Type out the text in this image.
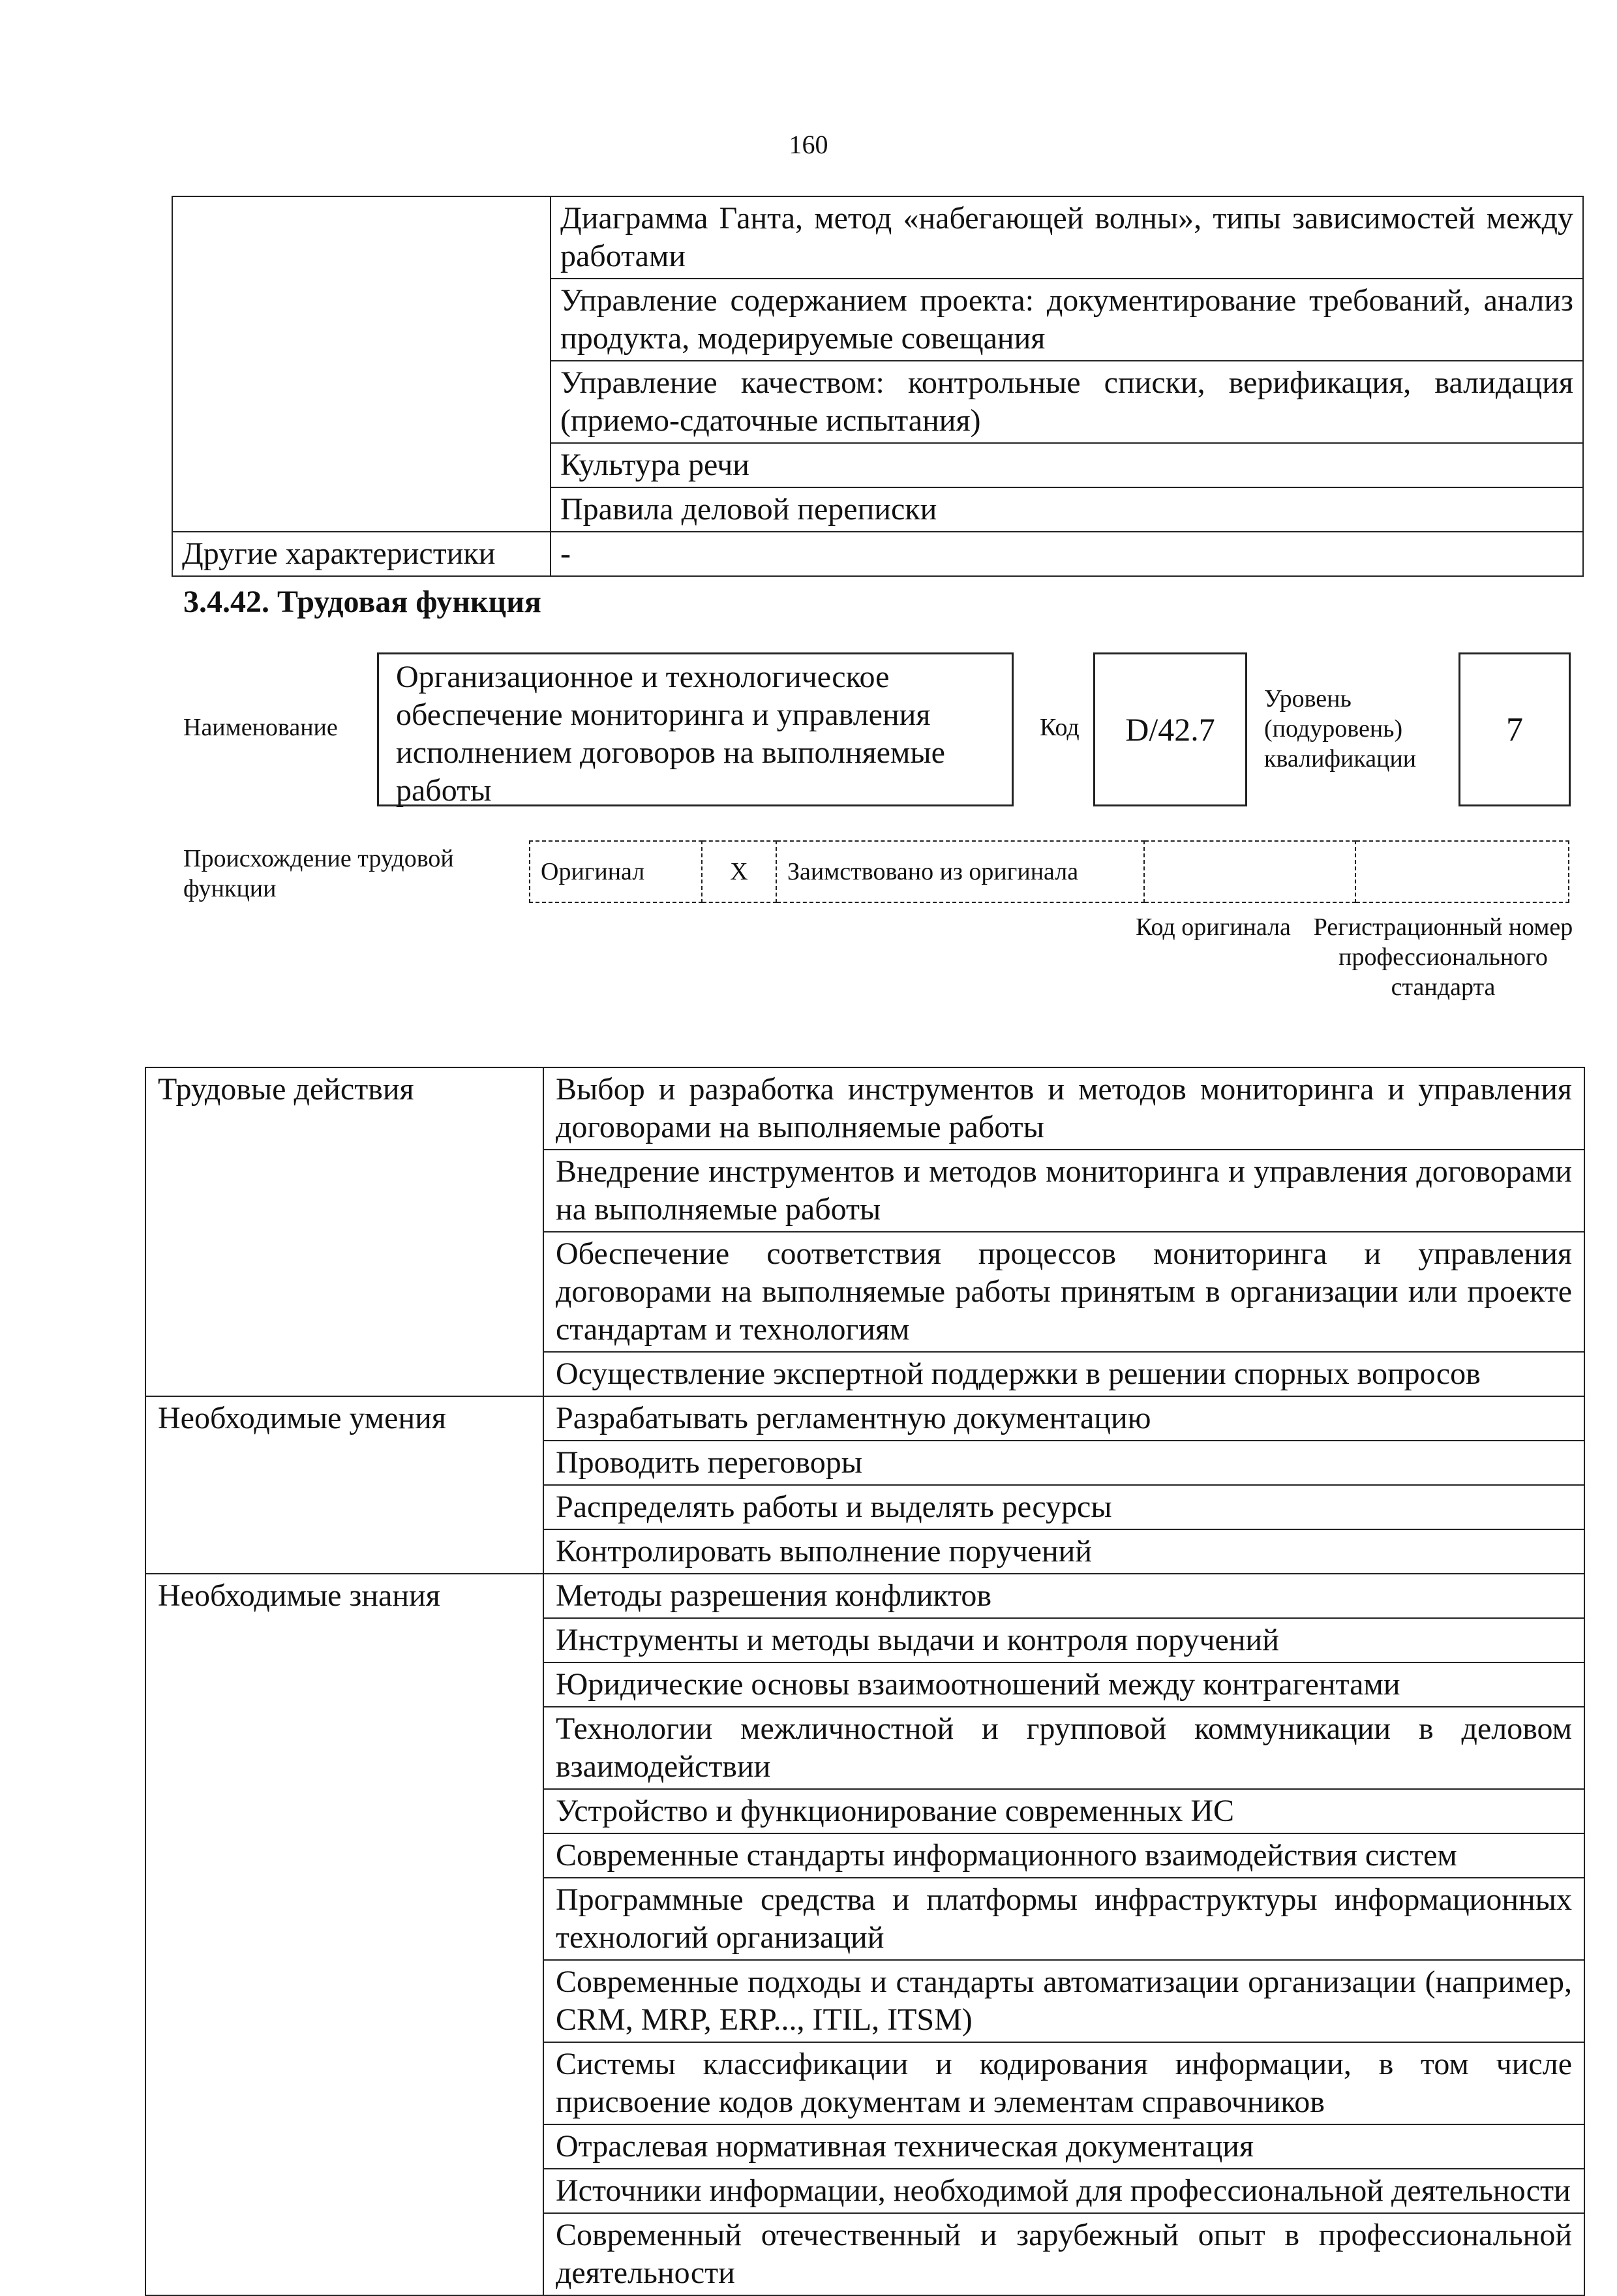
160
	Диаграмма Ганта, метод «набегающей волны», типы зависимостей между работами
	Управление содержанием проекта: документирование требований, анализ продукта, модерируемые совещания
	Управление качеством: контрольные списки, верификация, валидация (приемо-сдаточные испытания)
	Культура речи
	Правила деловой переписки
Другие характеристики	-
3.4.42. Трудовая функция
Наименование
Организационное и технологическое обеспечение мониторинга и управления исполнением договоров на выполняемые работы
Код	D/42.7
Уровень (подуровень) квалификации
7
Происхождение трудовой функции
Оригинал	X	Заимствовано из оригинала		
Код оригинала Регистрационный номер профессионального стандарта
Трудовые действия	Выбор и разработка инструментов и методов мониторинга и управления договорами на выполняемые работы
	Внедрение инструментов и методов мониторинга и управления договорами на выполняемые работы
	Обеспечение соответствия процессов мониторинга и управления договорами на выполняемые работы принятым в организации или проекте стандартам и технологиям
	Осуществление экспертной поддержки в решении спорных вопросов
Необходимые умения	Разрабатывать регламентную документацию
	Проводить переговоры
	Распределять работы и выделять ресурсы
	Контролировать выполнение поручений
Необходимые знания	Методы разрешения конфликтов
	Инструменты и методы выдачи и контроля поручений
	Юридические основы взаимоотношений между контрагентами
	Технологии межличностной и групповой коммуникации в деловом взаимодействии
	Устройство и функционирование современных ИС
	Современные стандарты информационного взаимодействия систем
	Программные средства и платформы инфраструктуры информационных технологий организаций
	Современные подходы и стандарты автоматизации организации (например, CRM, MRP, ERP..., ITIL, ITSM)
	Системы классификации и кодирования информации, в том числе присвоение кодов документам и элементам справочников
	Отраслевая нормативная техническая документация
	Источники информации, необходимой для профессиональной деятельности
	Современный отечественный и зарубежный опыт в профессиональной деятельности
